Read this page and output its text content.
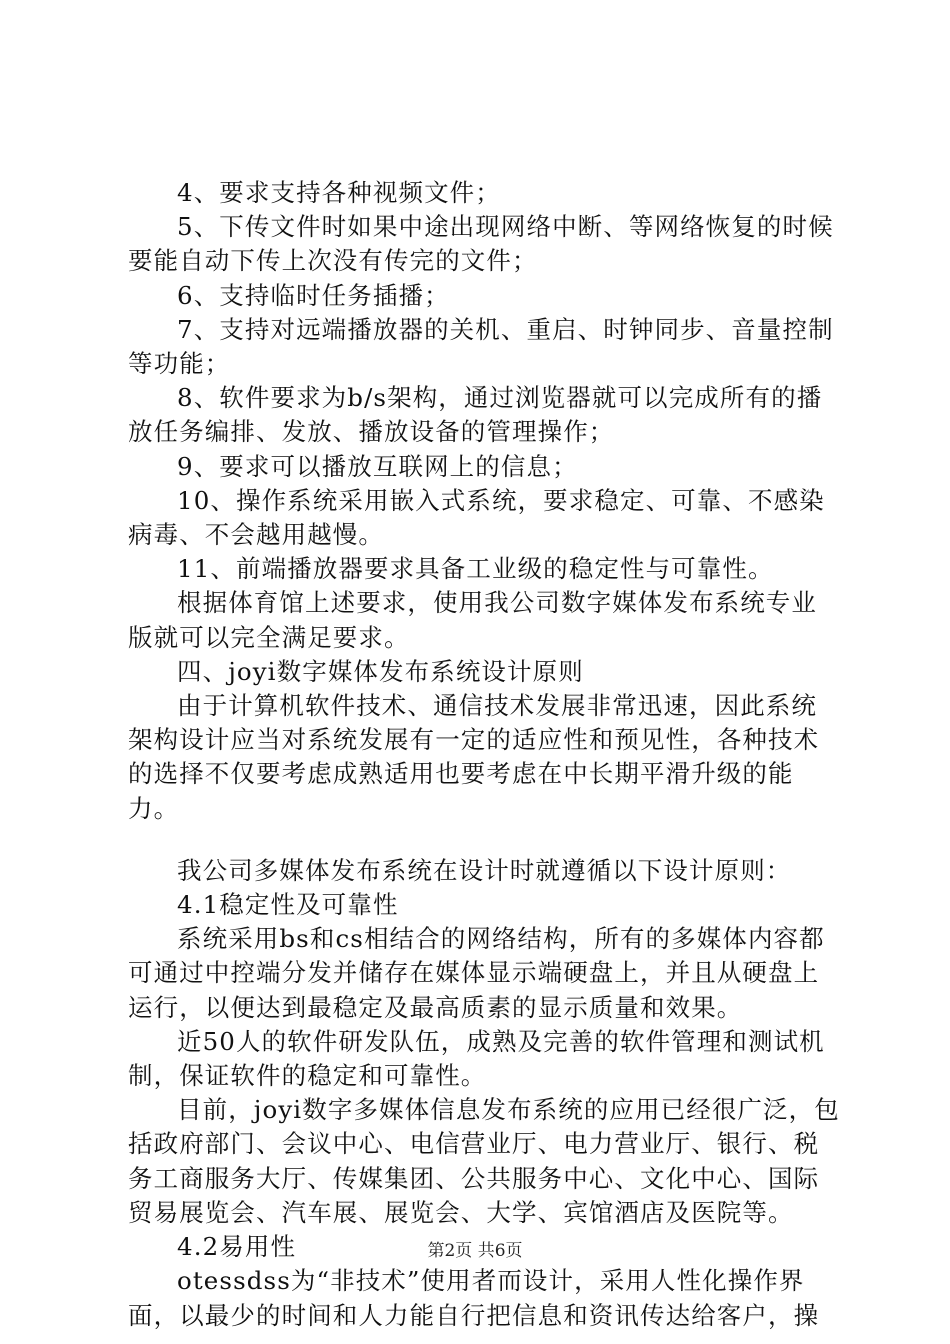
4、要求支持各种视频文件；

5、下传文件时如果中途出现网络中断、等网络恢复的时候要能自动下传上次没有传完的文件；

6、支持临时任务插播；

7、支持对远端播放器的关机、重启、时钟同步、音量控制等功能；

8、软件要求为b/s架构，通过浏览器就可以完成所有的播放任务编排、发放、播放设备的管理操作；

9、要求可以播放互联网上的信息；

10、操作系统采用嵌入式系统，要求稳定、可靠、不感染病毒、不会越用越慢。

11、前端播放器要求具备工业级的稳定性与可靠性。

根据体育馆上述要求，使用我公司数字媒体发布系统专业版就可以完全满足要求。

四、joyi数字媒体发布系统设计原则

由于计算机软件技术、通信技术发展非常迅速，因此系统架构设计应当对系统发展有一定的适应性和预见性，各种技术的选择不仅要考虑成熟适用也要考虑在中长期平滑升级的能力。

我公司多媒体发布系统在设计时就遵循以下设计原则：

4.1稳定性及可靠性

系统采用bs和cs相结合的网络结构，所有的多媒体内容都可通过中控端分发并储存在媒体显示端硬盘上，并且从硬盘上运行，以便达到最稳定及最高质素的显示质量和效果。

近50人的软件研发队伍，成熟及完善的软件管理和测试机制，保证软件的稳定和可靠性。

目前，joyi数字多媒体信息发布系统的应用已经很广泛，包括政府部门、会议中心、电信营业厅、电力营业厅、银行、税务工商服务大厅、传媒集团、公共服务中心、文化中心、国际贸易展览会、汽车展、展览会、大学、宾馆酒店及医院等。

4.2易用性

otessdss为“非技术”使用者而设计，采用人性化操作界面，以最少的时间和人力能自行把信息和资讯传达给客户，操

第2页 共6页
